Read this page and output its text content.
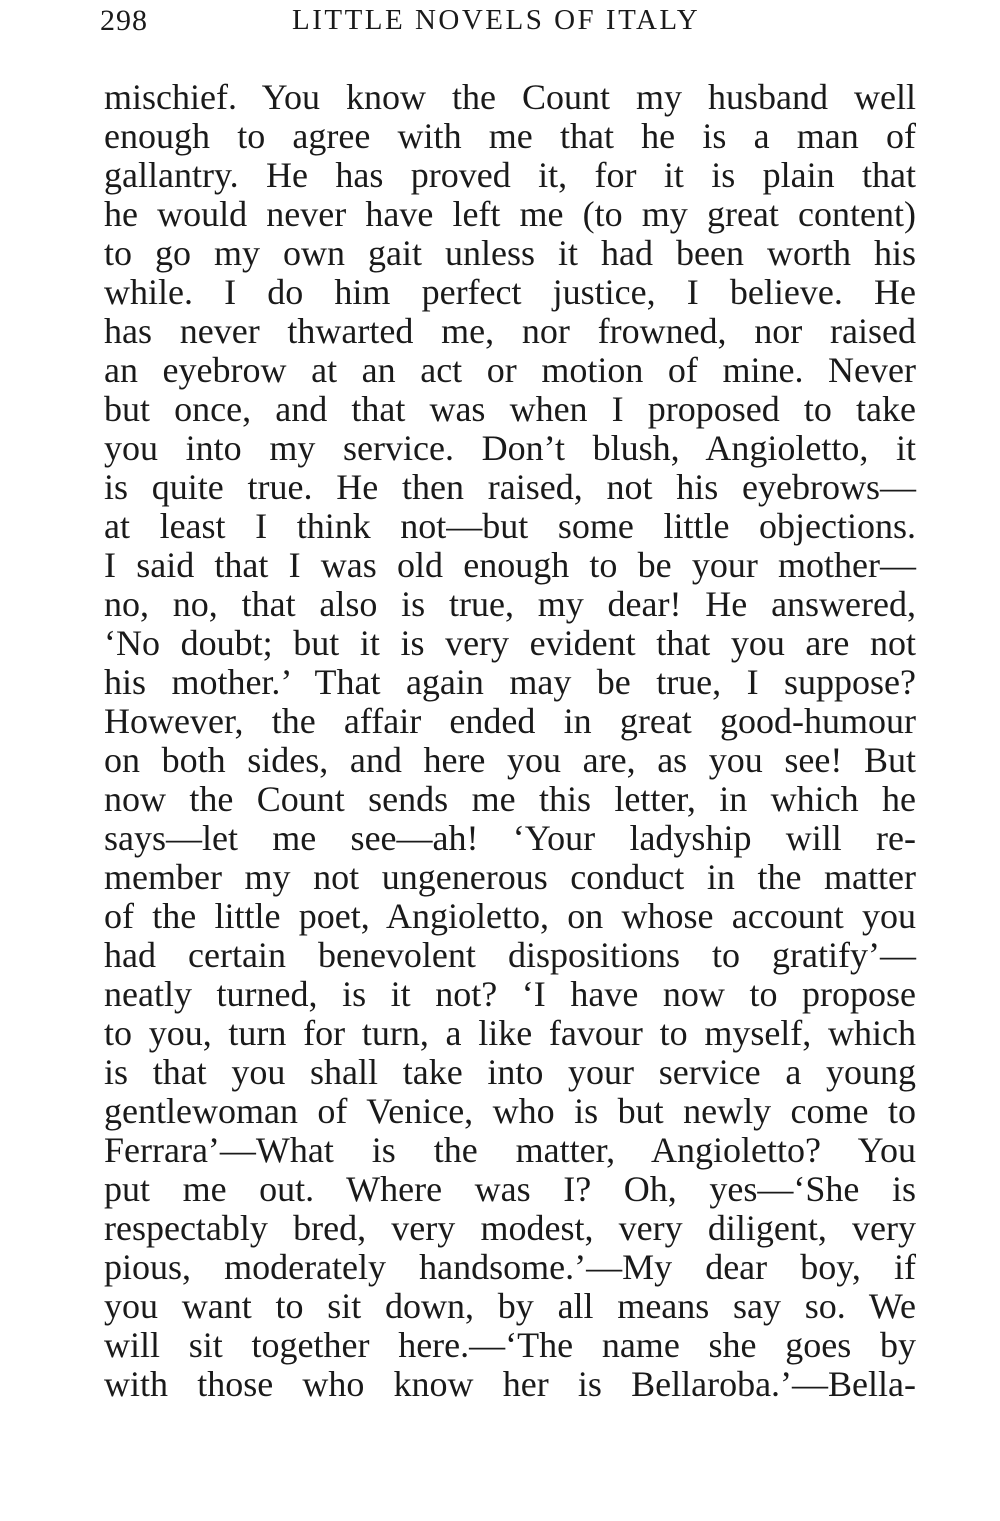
298	LITTLE NOVELS OF ITALY
mischief. You know the Count my husband well
enough to agree with me that he is a man of
gallantry. He has proved it, for it is plain that
he would never have left me (to my great content)
to go my own gait unless it had been worth his
while. I do him perfect justice, I believe. He
has never thwarted me, nor frowned, nor raised
an eyebrow at an act or motion of mine. Never
but once, and that was when I proposed to take
you into my service. Don’t blush, Angioletto, it
is quite true. He then raised, not his eyebrows—
at least I think not—but some little objections.
I said that I was old enough to be your mother—
no, no, that also is true, my dear! He answered,
‘No doubt; but it is very evident that you are not
his mother.’ That again may be true, I suppose?
However, the affair ended in great good-humour
on both sides, and here you are, as you see! But
now the Count sends me this letter, in which he
says—let me see—ah! ‘Your ladyship will re-
member my not ungenerous conduct in the matter
of the little poet, Angioletto, on whose account you
had certain benevolent dispositions to gratify’—
neatly turned, is it not? ‘I have now to propose
to you, turn for turn, a like favour to myself, which
is that you shall take into your service a young
gentlewoman of Venice, who is but newly come to
Ferrara’—What is the matter, Angioletto? You
put me out. Where was I? Oh, yes—‘She is
respectably bred, very modest, very diligent, very
pious, moderately handsome.’—My dear boy, if
you want to sit down, by all means say so. We
will sit together here.—‘The name she goes by
with those who know her is Bellaroba.’—Bella-
